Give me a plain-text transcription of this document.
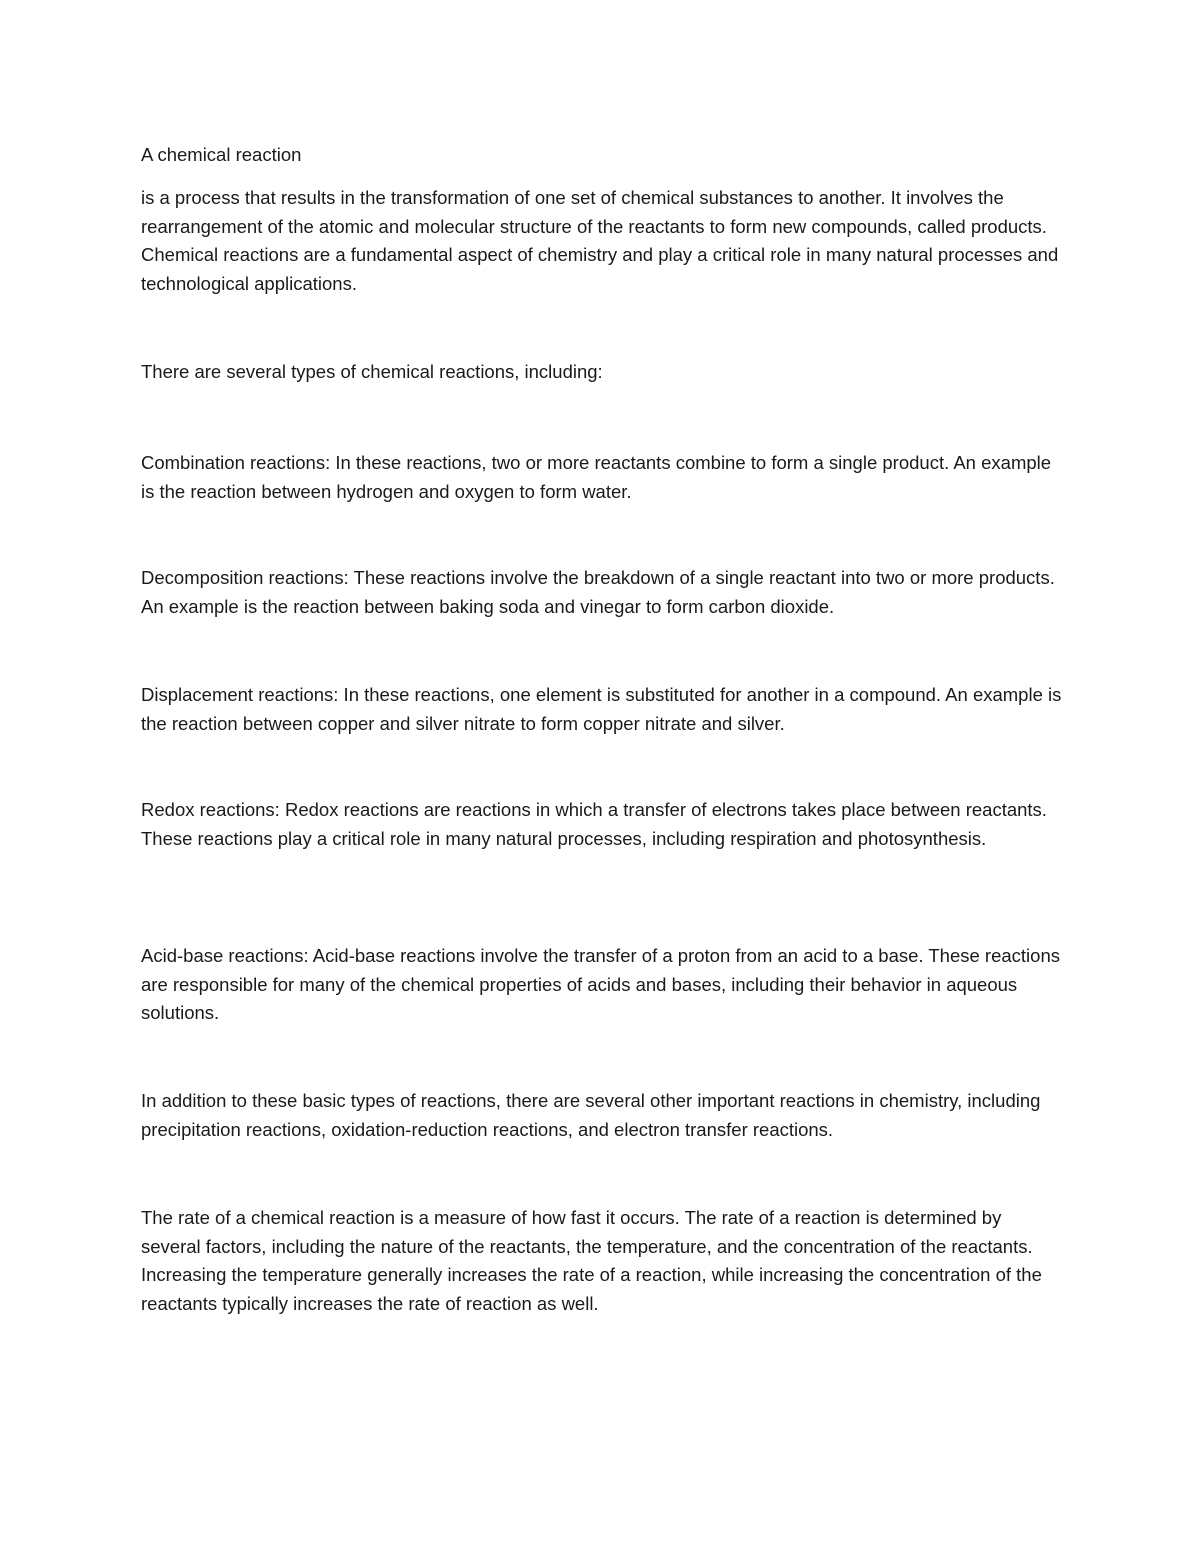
A chemical reaction

is a process that results in the transformation of one set of chemical substances to another. It involves the rearrangement of the atomic and molecular structure of the reactants to form new compounds, called products. Chemical reactions are a fundamental aspect of chemistry and play a critical role in many natural processes and technological applications.

There are several types of chemical reactions, including:

Combination reactions: In these reactions, two or more reactants combine to form a single product. An example is the reaction between hydrogen and oxygen to form water.

Decomposition reactions: These reactions involve the breakdown of a single reactant into two or more products. An example is the reaction between baking soda and vinegar to form carbon dioxide.

Displacement reactions: In these reactions, one element is substituted for another in a compound. An example is the reaction between copper and silver nitrate to form copper nitrate and silver.

Redox reactions: Redox reactions are reactions in which a transfer of electrons takes place between reactants. These reactions play a critical role in many natural processes, including respiration and photosynthesis.

Acid-base reactions: Acid-base reactions involve the transfer of a proton from an acid to a base. These reactions are responsible for many of the chemical properties of acids and bases, including their behavior in aqueous solutions.

In addition to these basic types of reactions, there are several other important reactions in chemistry, including precipitation reactions, oxidation-reduction reactions, and electron transfer reactions.

The rate of a chemical reaction is a measure of how fast it occurs. The rate of a reaction is determined by several factors, including the nature of the reactants, the temperature, and the concentration of the reactants. Increasing the temperature generally increases the rate of a reaction, while increasing the concentration of the reactants typically increases the rate of reaction as well.
